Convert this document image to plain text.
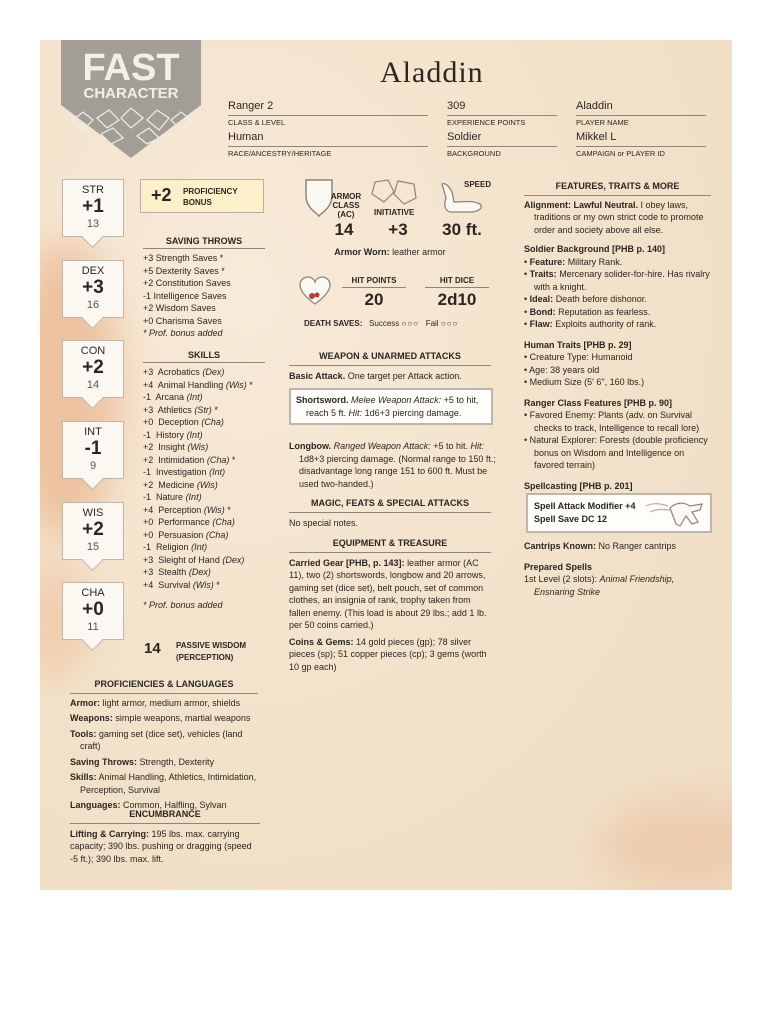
FAST
CHARACTER
Aladdin
Ranger 2
CLASS & LEVEL
309
EXPERIENCE POINTS
Aladdin
PLAYER NAME
Human
RACE/ANCESTRY/HERITAGE
Soldier
BACKGROUND
Mikkel L
CAMPAIGN or PLAYER ID
STR
+1
13
DEX
+3
16
CON
+2
14
INT
-1
9
WIS
+2
15
CHA
+0
11
+2 PROFICIENCY
BONUS
SAVING THROWS
+3 Strength Saves *
+5 Dexterity Saves *
+2 Constitution Saves
-1 Intelligence Saves
+2 Wisdom Saves
+0 Charisma Saves
* Prof. bonus added
SKILLS
+3 Acrobatics (Dex)
+4 Animal Handling (Wis) *
-1 Arcana (Int)
+3 Athletics (Str) *
+0 Deception (Cha)
-1 History (Int)
+2 Insight (Wis)
+2 Intimidation (Cha) *
-1 Investigation (Int)
+2 Medicine (Wis)
-1 Nature (Int)
+4 Perception (Wis) *
+0 Performance (Cha)
+0 Persuasion (Cha)
-1 Religion (Int)
+3 Sleight of Hand (Dex)
+3 Stealth (Dex)
+4 Survival (Wis) *
* Prof. bonus added
14 PASSIVE WISDOM
(PERCEPTION)
PROFICIENCIES & LANGUAGES
Armor: light armor, medium armor, shields
Weapons: simple weapons, martial weapons
Tools: gaming set (dice set), vehicles (land craft)
Saving Throws: Strength, Dexterity
Skills: Animal Handling, Athletics, Intimidation, Perception, Survival
Languages: Common, Halfling, Sylvan
ENCUMBRANCE
Lifting & Carrying: 195 lbs. max. carrying capacity; 390 lbs. pushing or dragging (speed -5 ft.); 390 lbs. max. lift.
ARMOR CLASS (AC)	INITIATIVE
SPEED
14	+3	30 ft.
Armor Worn: leather armor
HIT POINTS	HIT DICE
20	2d10
DEATH SAVES: Success ○○○ Fail ○○○
WEAPON & UNARMED ATTACKS
Basic Attack. One target per Attack action.
Shortsword. Melee Weapon Attack: +5 to hit, reach 5 ft. Hit: 1d6+3 piercing damage.
Longbow. Ranged Weapon Attack: +5 to hit. Hit: 1d8+3 piercing damage. (Normal range to 150 ft.; disadvantage long range 151 to 600 ft. Must be used two-handed.)
MAGIC, FEATS & SPECIAL ATTACKS
No special notes.
EQUIPMENT & TREASURE
Carried Gear [PHB, p. 143]: leather armor (AC 11), two (2) shortswords, longbow and 20 arrows, gaming set (dice set), belt pouch, set of common clothes, an insignia of rank, trophy taken from fallen enemy. (This load is about 29 lbs.; add 1 lb. per 50 coins carried.)
Coins & Gems: 14 gold pieces (gp); 78 silver pieces (sp); 51 copper pieces (cp); 3 gems (worth 10 gp each)
FEATURES, TRAITS & MORE
Alignment: Lawful Neutral. I obey laws, traditions or my own strict code to promote order and society above all else.
Soldier Background [PHB p. 140]
• Feature: Military Rank.
• Traits: Mercenary solider-for-hire. Has rivalry with a knight.
• Ideal: Death before dishonor.
• Bond: Reputation as fearless.
• Flaw: Exploits authority of rank.
Human Traits [PHB p. 29]
• Creature Type: Humanoid
• Age: 38 years old
• Medium Size (5' 6", 160 lbs.)
Ranger Class Features [PHB p. 90]
• Favored Enemy: Plants (adv. on Survival checks to track, Intelligence to recall lore)
• Natural Explorer: Forests (double proficiency bonus on Wisdom and Intelligence on favored terrain)
Spellcasting [PHB p. 201]
Spell Attack Modifier +4
Spell Save DC 12
Cantrips Known: No Ranger cantrips
Prepared Spells
1st Level (2 slots): Animal Friendship, Ensnaring Strike
